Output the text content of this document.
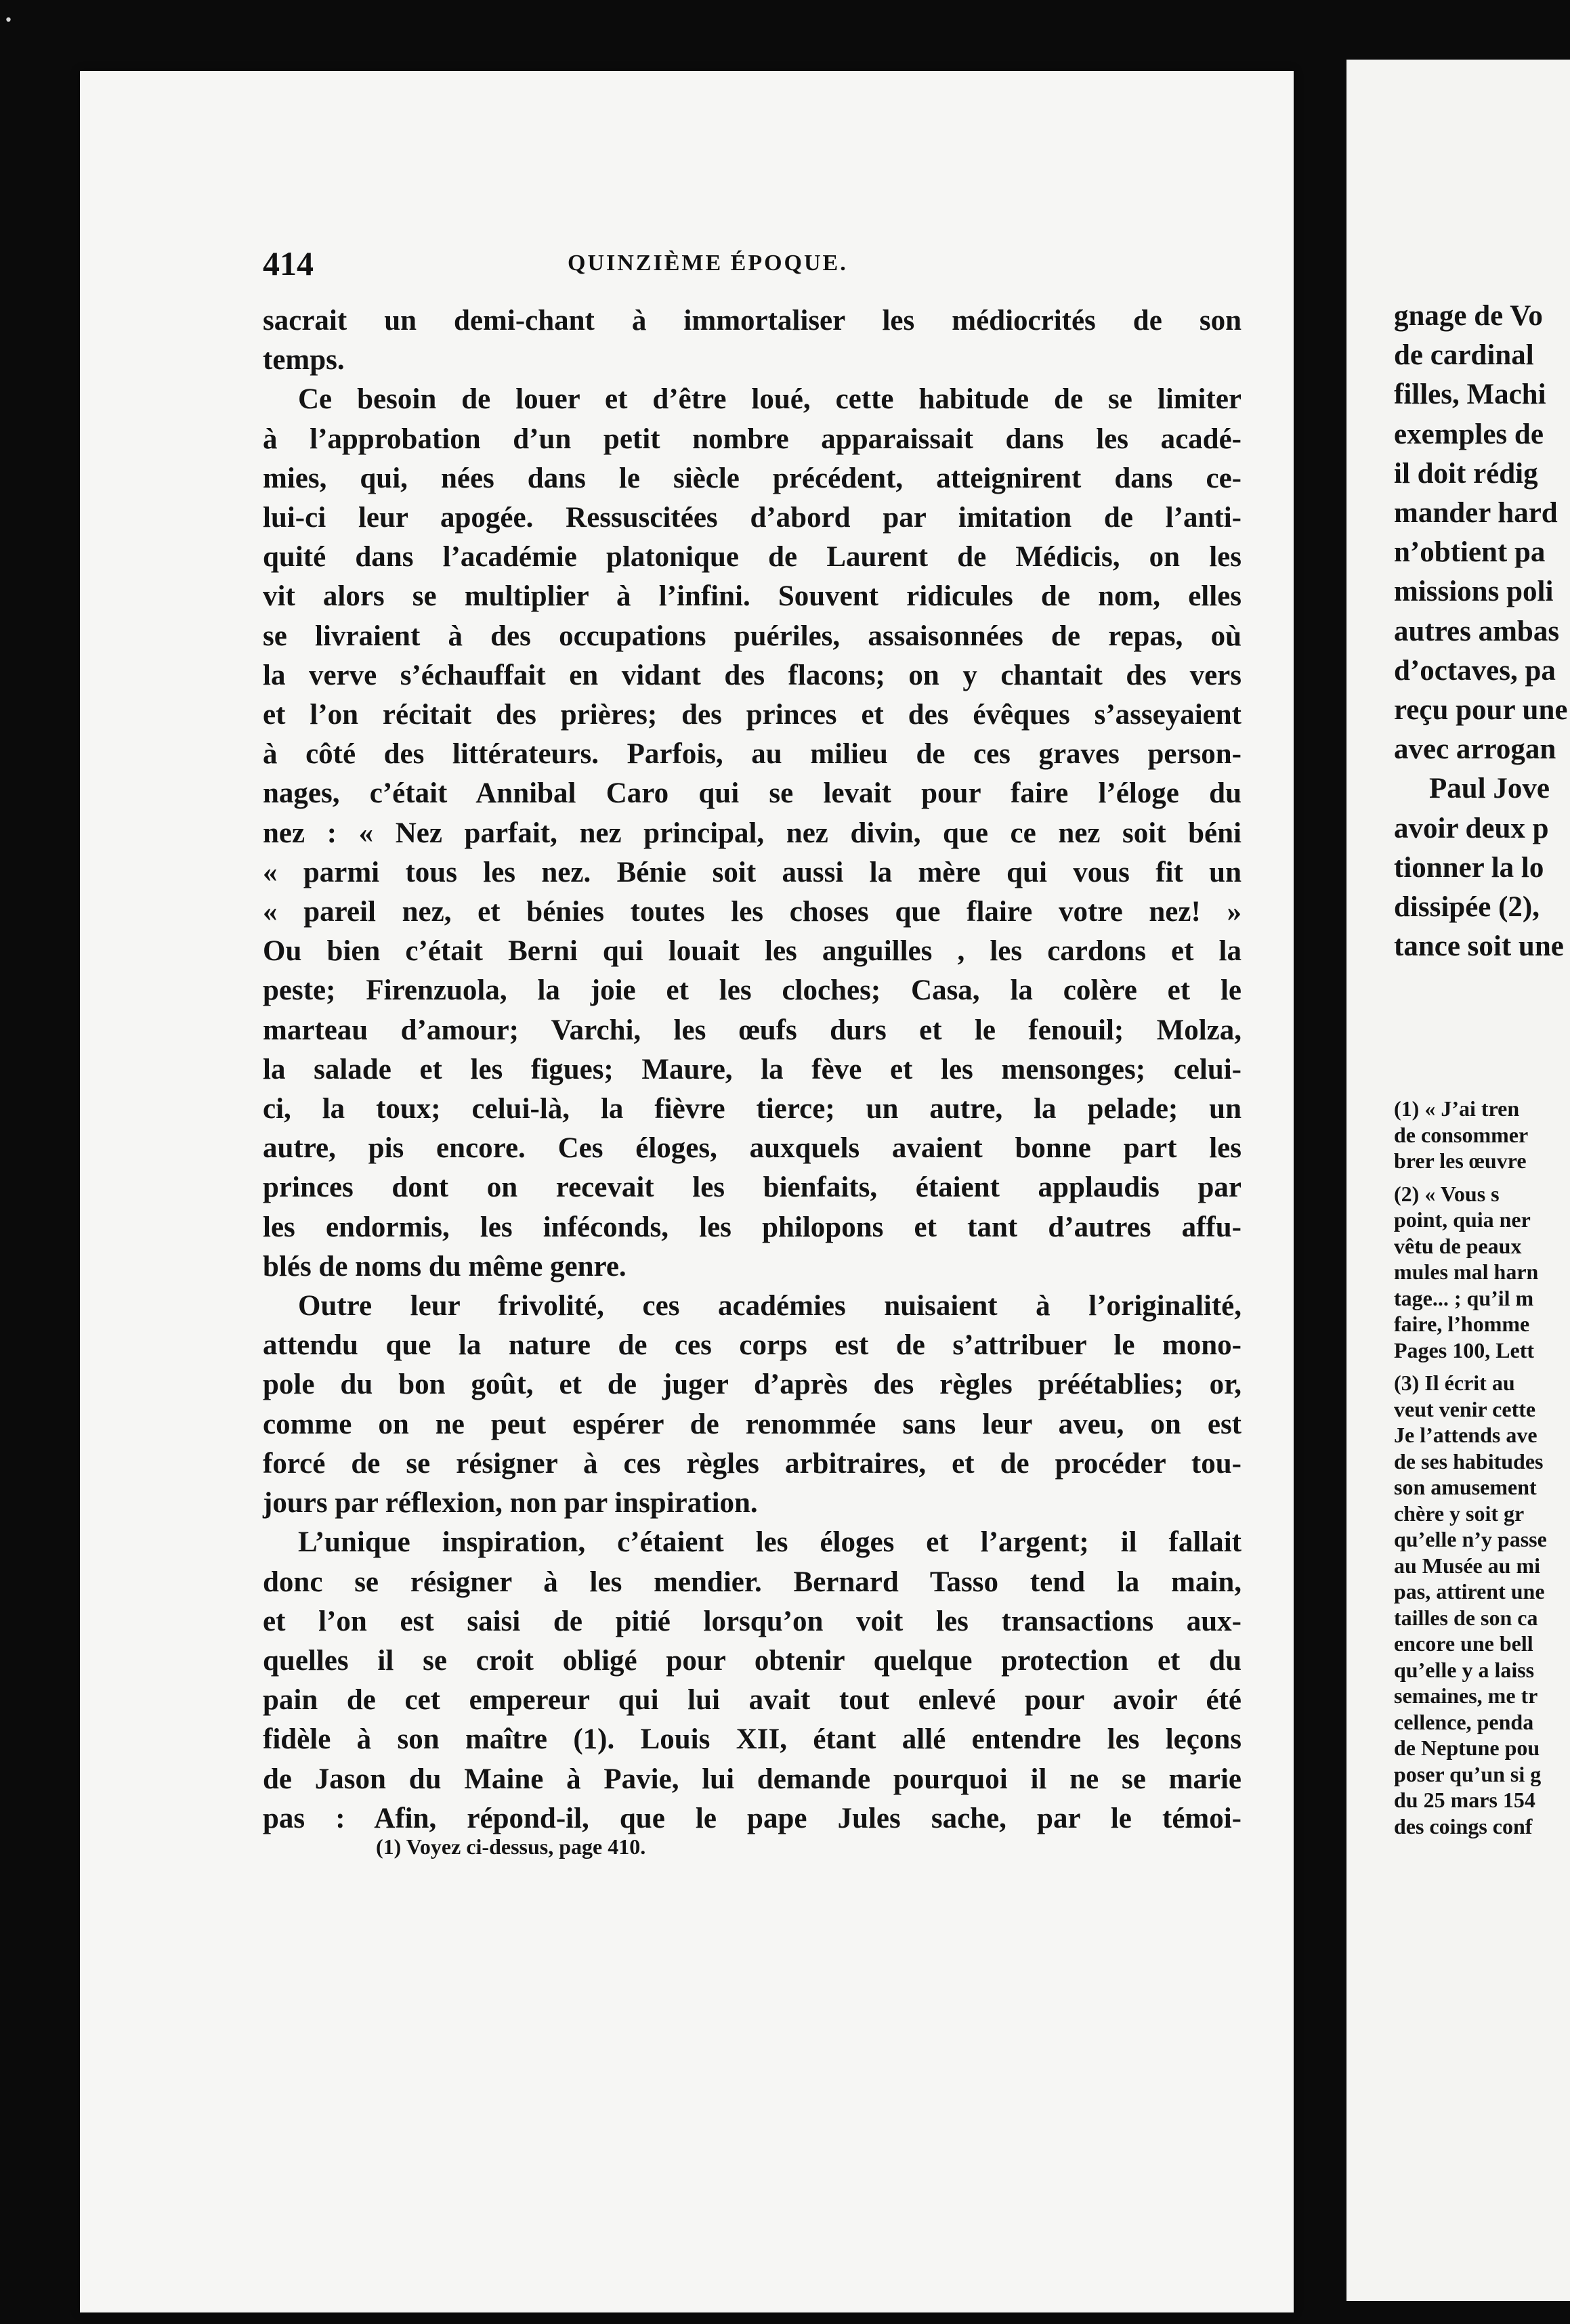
•
414	QUINZIÈME ÉPOQUE.
sacrait un demi-chant à immortaliser les médiocrités de son
temps.
Ce besoin de louer et d’être loué, cette habitude de se limiter
à l’approbation d’un petit nombre apparaissait dans les acadé-
mies, qui, nées dans le siècle précédent, atteignirent dans ce-
lui-ci leur apogée. Ressuscitées d’abord par imitation de l’anti-
quité dans l’académie platonique de Laurent de Médicis, on les
vit alors se multiplier à l’infini. Souvent ridicules de nom, elles
se livraient à des occupations puériles, assaisonnées de repas, où
la verve s’échauffait en vidant des flacons; on y chantait des vers
et l’on récitait des prières; des princes et des évêques s’asseyaient
à côté des littérateurs. Parfois, au milieu de ces graves person-
nages, c’était Annibal Caro qui se levait pour faire l’éloge du
nez : « Nez parfait, nez principal, nez divin, que ce nez soit béni
« parmi tous les nez. Bénie soit aussi la mère qui vous fit un
« pareil nez, et bénies toutes les choses que flaire votre nez! »
Ou bien c’était Berni qui louait les anguilles , les cardons et la
peste; Firenzuola, la joie et les cloches; Casa, la colère et le
marteau d’amour; Varchi, les œufs durs et le fenouil; Molza,
la salade et les figues; Maure, la fève et les mensonges; celui-
ci, la toux; celui-là, la fièvre tierce; un autre, la pelade; un
autre, pis encore. Ces éloges, auxquels avaient bonne part les
princes dont on recevait les bienfaits, étaient applaudis par
les endormis, les inféconds, les philopons et tant d’autres affu-
blés de noms du même genre.
Outre leur frivolité, ces académies nuisaient à l’originalité,
attendu que la nature de ces corps est de s’attribuer le mono-
pole du bon goût, et de juger d’après des règles préétablies; or,
comme on ne peut espérer de renommée sans leur aveu, on est
forcé de se résigner à ces règles arbitraires, et de procéder tou-
jours par réflexion, non par inspiration.
L’unique inspiration, c’étaient les éloges et l’argent; il fallait
donc se résigner à les mendier. Bernard Tasso tend la main,
et l’on est saisi de pitié lorsqu’on voit les transactions aux-
quelles il se croit obligé pour obtenir quelque protection et du
pain de cet empereur qui lui avait tout enlevé pour avoir été
fidèle à son maître (1). Louis XII, étant allé entendre les leçons
de Jason du Maine à Pavie, lui demande pourquoi il ne se marie
pas : Afin, répond-il, que le pape Jules sache, par le témoi-
(1) Voyez ci-dessus, page 410.
gnage de Vo
de cardinal
filles, Machi
exemples de
il doit rédig
mander hard
n’obtient pa
missions poli
autres ambas
d’octaves, pa
reçu pour une
avec arrogan
Paul Jove
avoir deux p
tionner la lo
dissipée (2),
tance soit une
(1) « J’ai tren
de consommer
brer les œuvre
(2) « Vous s
point, quia ner
vêtu de peaux
mules mal harn
tage... ; qu’il m
faire, l’homme
Pages 100, Lett
(3) Il écrit au
veut venir cette
Je l’attends ave
de ses habitudes
son amusement
chère y soit gr
qu’elle n’y passe
au Musée au mi
pas, attirent une
tailles de son ca
encore une bell
qu’elle y a laiss
semaines, me tr
cellence, penda
de Neptune pou
poser qu’un si g
du 25 mars 154
des coings conf
